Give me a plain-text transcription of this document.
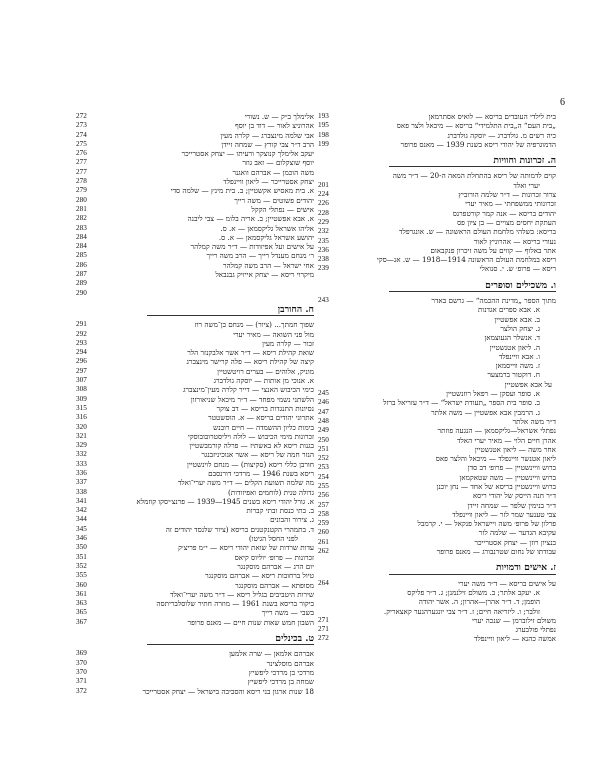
6
בית לילדי העובדים בריסא — לואיס אסתרמאן
193
„בית העם“ ה„בית התלמידי“ בריסא — מיכאל ולצר פאס
195
כיה רשים מ. גולדברג — יוסקה גולדברג
198
הדמוגרפיה של יהודי ריסא בשנת 1939 — מאנס פרופר
199
ה. זכרונות וחוויות
קוים לדמותה של ריסא בהתחלת המאה ה-20 — ד״ר משה
יערי ואלד
201
צרור זכרונות — ד״ר שלמה הורוביץ
224
זכרונותי ממשפחתי — מאיר יערי
226
יהודים בריסא — אנה קמר קורטפרנס
228
העתקת יחסים מצויים — בן ציון פס
229
בריסא: בשלהי מלחמת העולם הראשונה — ש. אונגרפלד
232
נעורי בריסא — אהרוניץ לאור
235
אתר באלוף — קווים על משה זיכרון פנקבאום
236
ריסא במלחמת העולם הראשונה 1914—1918 — ש. אנ—סקי
238
ריסא — פרופ׳ ש. י. סנואלי
239
ו. משכילים וסופרים
מתוך הספר „מדינת ההכמה“ — גרשם באדר
243
א. אבא ספרים אגדנות
ב. אבא אפשטיין
ג. יצחק הולצר
ד. אנשלר הגעוצמאן
ה. ליאון אטנשטיין
ו. אבא וויינפלד
ז. משה ווייסמאן
ח. דוקטור ברמצער
על אבא אפשטיין
א. סופר ועסקן — רפאל רוזנשטיין
245
ב. סופר בית הספר „תעודת ישראל“ — ד״ר עזריאל ברזל
246
ג. הרמבין אבא אפשטיין — משה אלתר
247
ד״ר משה אלתר
248
נפתלי אשראל—גליקסמאן — הנגעה פוזתר
249
אהרן חיים הלוי — מאיר יערי האלד
250
אחר משה — ליאון אטנשטיין
251
ליאון אטנשר וויינפלד — מיכאל והלצר פאס
252
ברוש וויינשטיין — פרופ׳ דב סדן
253
ברוש וויינשטיין — משה שטאקמאן
254
ברוש וויינשטיין בריסא של אחד — נחן יוכנן
255
ד״ר חנה הייסק של יהודי ריסא
256
ד״ר בנימין שלפר — שמחה זיידן
257
צבי טענער שמר לזר — ליאון וויינפלד
258
פרלון של פרופ׳ משה ויישראל פנקאל — י. קרמבל
259
עקיבא הגדער — שלמה לזר
260
בנציון רוזן — יצחק אסטרייכר
261
עבודתו של נחום שטרנבורג — מאנס פרופר
262
ז. אישים ודמויות
על אישים בריסא — ד״ר משה יערי
264
א. יעקב אלתר; ב. משולם זילנמנן; ג. ד״ר פליקס
הופמן; ד. ד״ר אהרן—אהרון; ה. אשר יהודה
זולבר; ו. ליזריאה חיים; ז. ד״ר צבי יונגערהנער קאצאריק.
משולם זילוברמן — שנכה יערי
271
נפתלי פולבערג
271
אמשה כהנא — ליאון וויינפלד
272
אלימלך ב״ק — ש. נשורי
272
אהרוניצ לאור — דוד בן יוסף
273
אבי שלמה מינצברג — קלרה מעין
274
הרב ד״ר צבי קורץ — שמחה זיידן
275
יעקב אלימלך קנוצקר ורעיתו — יצחק אסטרייכר
276
יוסף שוצקלום — זאב גוזר
277
משה הוכמן — אברהם וואגנר
277
יצחק אסטרייכר — ליאון וויינפלד
278
א. בית מאסיש אקשטיין; ב. בית מינץ — שלמה סדי
279
יהודים פשוטים — משה רייך
280
אישים — נפתלי הקקל
281
א. אבא אפשטיין; ב. אריה בלומ — צבי ליבנה
282
אליהו אשראל גליקסמאן — א. ס.
283
יהושע אשראל גליקסמאן — א. ס.
284
על אישים ועל אפיזודות — ד״ר משה קמלהר
284
ר׳ מנחם מענדל רייך — הרב משה רייך
285
אחי ישראל — הרב משה קמלהר
286
מיקרוי ריסא — יצחק אייזיק גבנבאל
287
289
290
ח. החורבן
שפוך חמתך... (ציור) — מנחם בן־משה רוז
291
מול פני השואה — מאיר יערי
292
זכור — קלרה מעין
293
שואת קהילת ריסא — ד״ר אשר אלבקנזר הלר
294
קיצה של קהילת ריסא — פלה קרישר מינצברג
296
מוניק, אלוהים — בערים רויטשטיין
297
א. אנוכי מן אותות — יוסקה גולדברג
307
כימי הכיבוש האנצי — דייר קלרה מעין־מינצברג
308
הלשתני נשמי מפחד — ד״ר מיכאל שניאורזון
309
נסיונות התנגדות בריסא — דב צוקר
315
אתרוני יהודים בריסא — א. הוסשטטר
316
בימות כליון ההשמדה — חיים רובנש
320
זכרונות מימי הכיבוש — לולה ויליסטרובובוסקי
321
בגנות ריסא לא באשתיז — פרלה קורמבשטיין
329
הנזר חמה של ריסא — אשר אנוכיניזבנגר
332
חורבן כללי ריסא (סקיצות) — מנחם לוינשטיין
333
ריסא בשנת 1946 — מרדכי דורנסבם
336
מה שלמה תשועת הקלים — ד״ר משה יערי־ואלד
337
גדולה טנית (לוחמים ואפיזודות)
338
א. גורל יהודי ריסא בשנים 1945—1939 — פרנצ׳יסקו קוזמלא
341
ב. בתי כנסת ובתי קברות
342
ג. צירור זהבונים
344
ד. בתמהרי הקטנקטנים בריסא (ציור שלנסד יהודים זה
345
לפני החסל הגיטו)
346
עדות שרדות של שואת יהודי ריסא — י״מ פריצ׳ק
350
זכרונות — פרופ׳ יוליוס קיאס
351
יום הרג — אברהם מוסקנגר
352
טיול ברחובות ריסא — אברהם מוסקנגר
355
מסופתא — אברהם מוסקנגר
360
שירות היטביבים בגליל ריסא — ד״ר משה יערי־ואלד
361
ביקור בריסא בשנת 1961 — מוזרה חתיר שלוסלבריתסה
363
בשבי — משה רייך
365
השבון חמש שאות שנות חיים — מאנס פרופר
367
ט. בכינלים
אברהם אלמאן — שרה אלמען
369
אברהם מוסלצינר
370
מרדכי בן מרדכי ליפשיץ
370
שמחה בן מרדכי ליפשיץ
371
18 שנות ארגון בני ריסא והסביבה בישראל — יצחק אסטרייכר
372
